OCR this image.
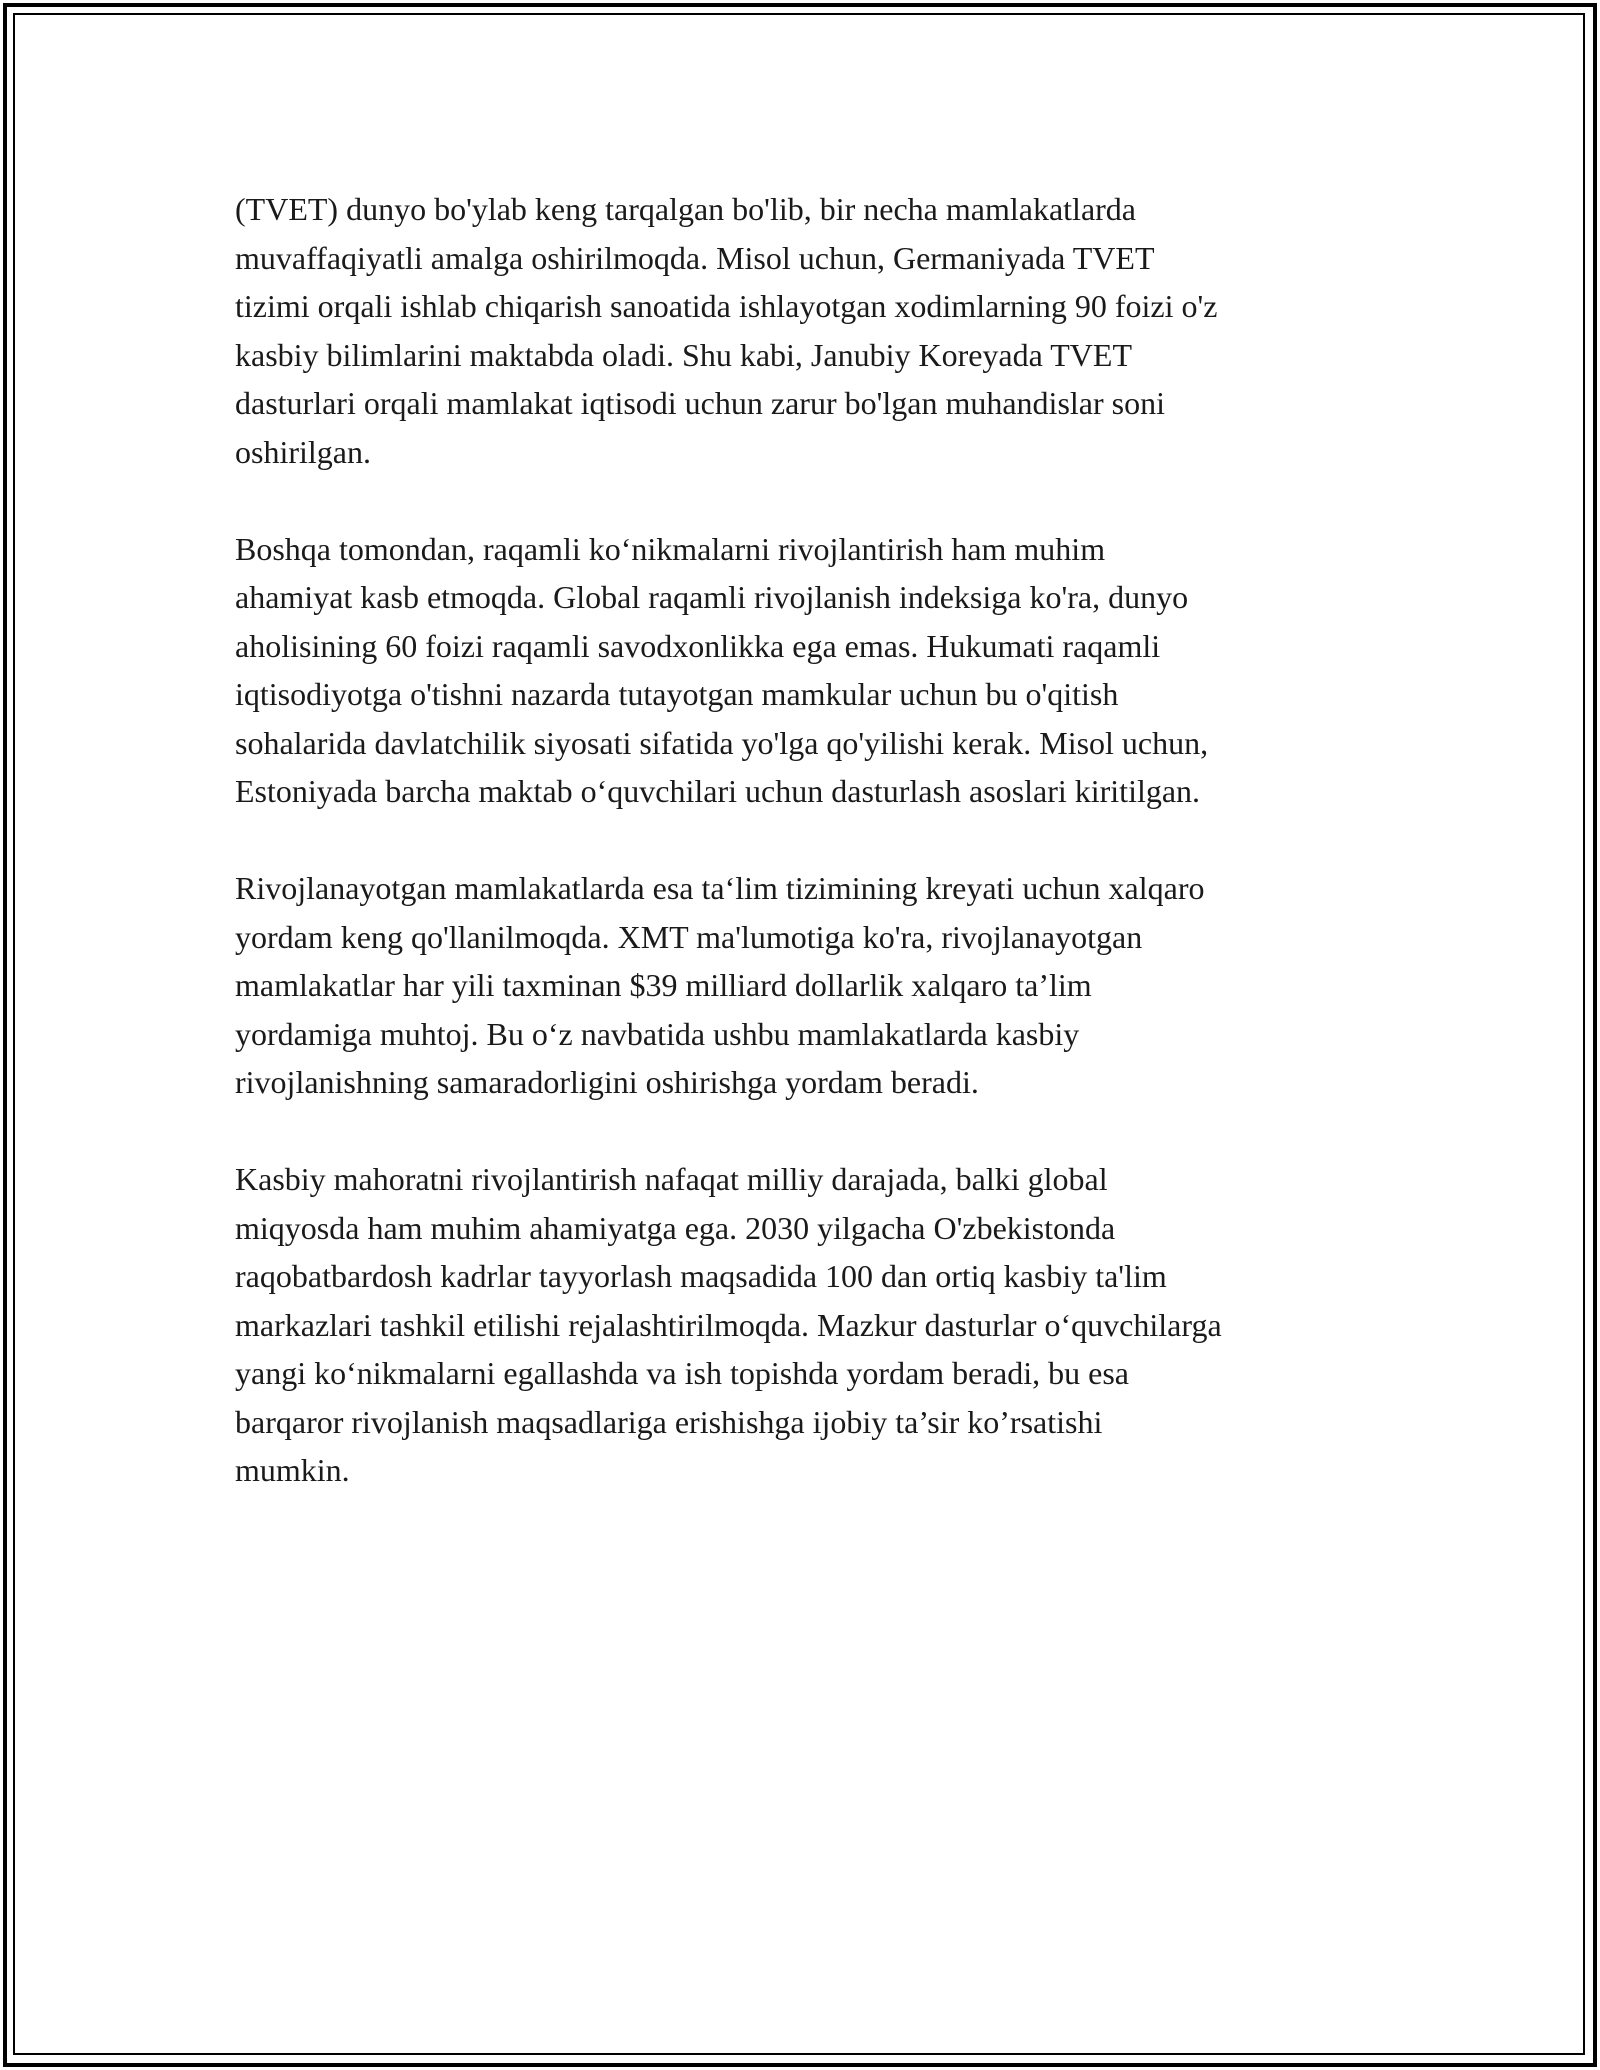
(TVET) dunyo bo'ylab keng tarqalgan bo'lib, bir necha mamlakatlarda
muvaffaqiyatli amalga oshirilmoqda. Misol uchun, Germaniyada TVET
tizimi orqali ishlab chiqarish sanoatida ishlayotgan xodimlarning 90 foizi o'z
kasbiy bilimlarini maktabda oladi. Shu kabi, Janubiy Koreyada TVET
dasturlari orqali mamlakat iqtisodi uchun zarur bo'lgan muhandislar soni
oshirilgan.

Boshqa tomondan, raqamli ko‘nikmalarni rivojlantirish ham muhim
ahamiyat kasb etmoqda. Global raqamli rivojlanish indeksiga ko'ra, dunyo
aholisining 60 foizi raqamli savodxonlikka ega emas. Hukumati raqamli
iqtisodiyotga o'tishni nazarda tutayotgan mamkular uchun bu o'qitish
sohalarida davlatchilik siyosati sifatida yo'lga qo'yilishi kerak. Misol uchun,
Estoniyada barcha maktab o‘quvchilari uchun dasturlash asoslari kiritilgan.

Rivojlanayotgan mamlakatlarda esa ta‘lim tizimining kreyati uchun xalqaro
yordam keng qo'llanilmoqda. XMT ma'lumotiga ko'ra, rivojlanayotgan
mamlakatlar har yili taxminan $39 milliard dollarlik xalqaro ta’lim
yordamiga muhtoj. Bu o‘z navbatida ushbu mamlakatlarda kasbiy
rivojlanishning samaradorligini oshirishga yordam beradi.

Kasbiy mahoratni rivojlantirish nafaqat milliy darajada, balki global
miqyosda ham muhim ahamiyatga ega. 2030 yilgacha O'zbekistonda
raqobatbardosh kadrlar tayyorlash maqsadida 100 dan ortiq kasbiy ta'lim
markazlari tashkil etilishi rejalashtirilmoqda. Mazkur dasturlar o‘quvchilarga
yangi ko‘nikmalarni egallashda va ish topishda yordam beradi, bu esa
barqaror rivojlanish maqsadlariga erishishga ijobiy ta’sir ko’rsatishi
mumkin.
